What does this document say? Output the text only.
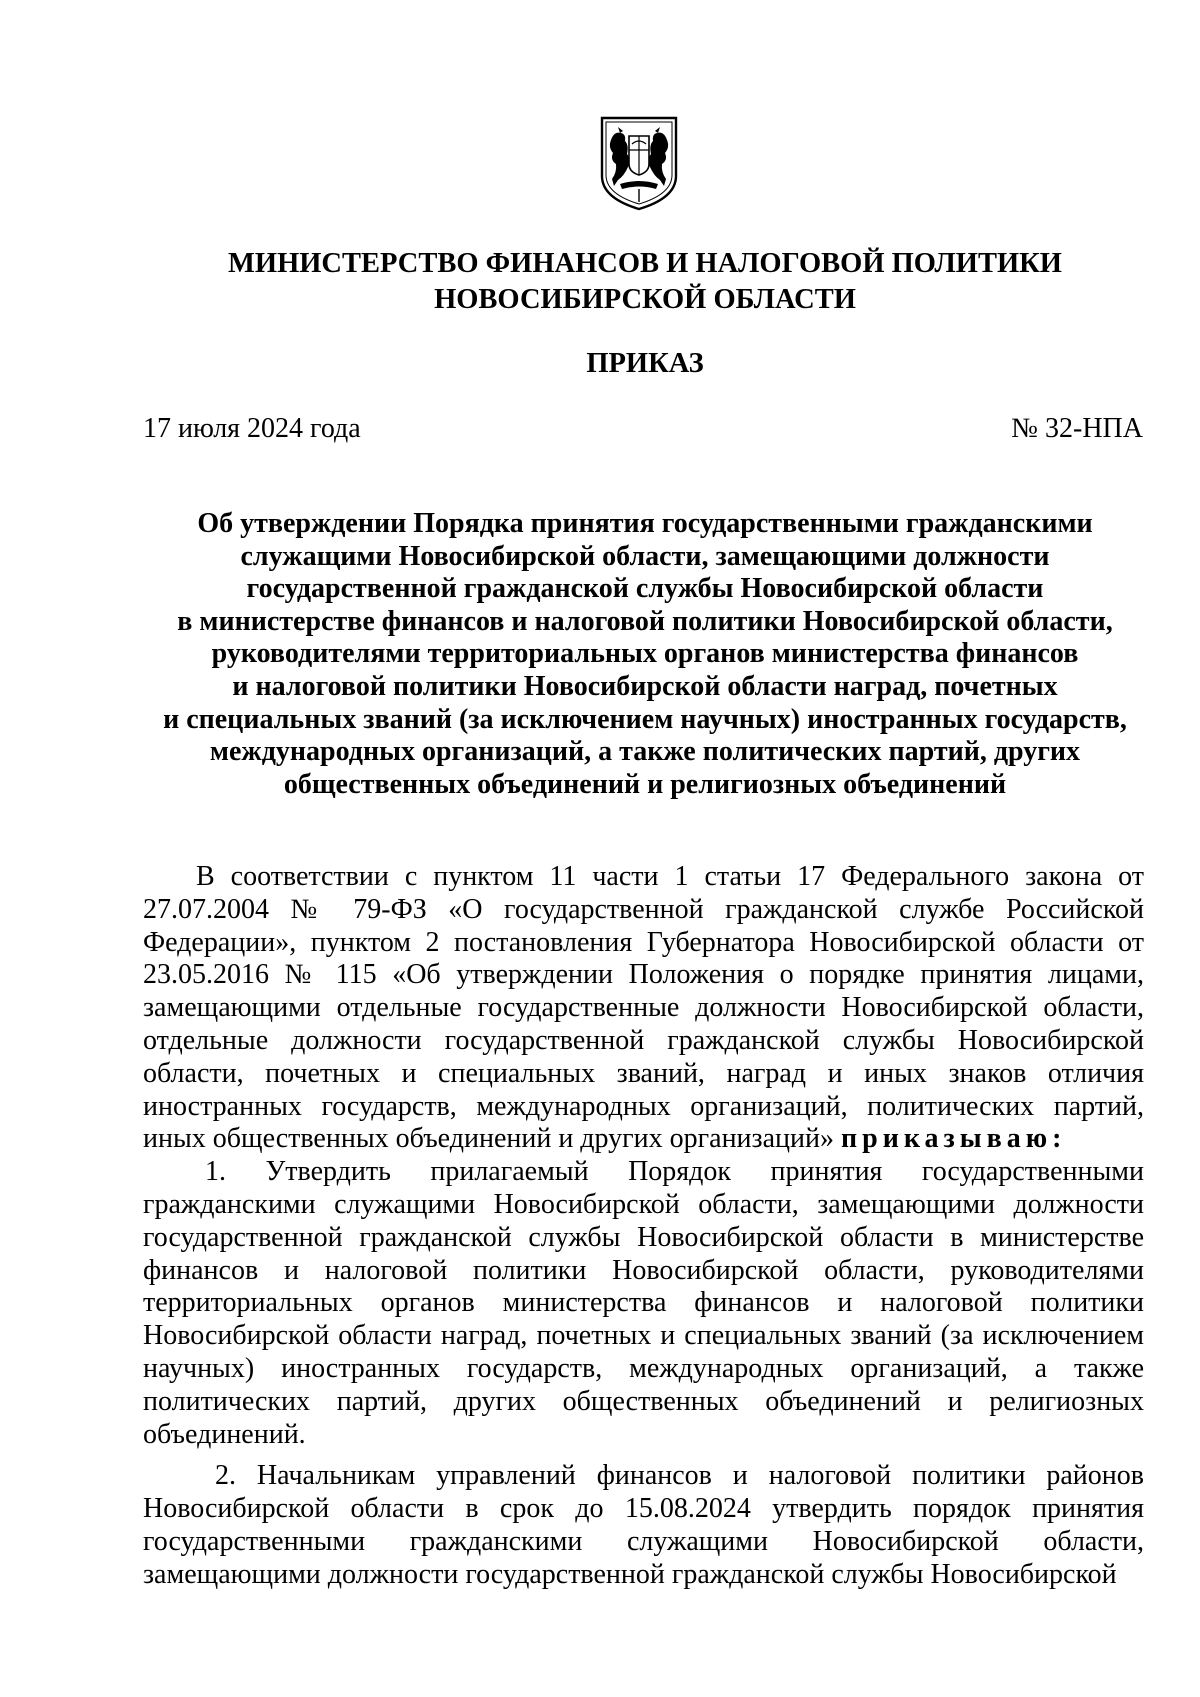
МИНИСТЕРСТВО ФИНАНСОВ И НАЛОГОВОЙ ПОЛИТИКИ
НОВОСИБИРСКОЙ ОБЛАСТИ
ПРИКАЗ
17 июля 2024 года	№ 32-НПА
Об утверждении Порядка принятия государственными гражданскими
служащими Новосибирской области, замещающими должности
государственной гражданской службы Новосибирской области
в министерстве финансов и налоговой политики Новосибирской области,
руководителями территориальных органов министерства финансов
и налоговой политики Новосибирской области наград, почетных
и специальных званий (за исключением научных) иностранных государств,
международных организаций, а также политических партий, других
общественных объединений и религиозных объединений

В соответствии с пунктом 11 части 1 статьи 17 Федерального закона от 27.07.2004 № 79-ФЗ «О государственной гражданской службе Российской Федерации», пунктом 2 постановления Губернатора Новосибирской области от 23.05.2016 № 115 «Об утверждении Положения о порядке принятия лицами, замещающими отдельные государственные должности Новосибирской области, отдельные должности государственной гражданской службы Новосибирской области, почетных и специальных званий, наград и иных знаков отличия иностранных государств, международных организаций, политических партий, иных общественных объединений и других организаций» приказываю:

1. Утвердить прилагаемый Порядок принятия государственными гражданскими служащими Новосибирской области, замещающими должности государственной гражданской службы Новосибирской области в министерстве финансов и налоговой политики Новосибирской области, руководителями территориальных органов министерства финансов и налоговой политики Новосибирской области наград, почетных и специальных званий (за исключением научных) иностранных государств, международных организаций, а также политических партий, других общественных объединений и религиозных объединений.

2. Начальникам управлений финансов и налоговой политики районов Новосибирской области в срок до 15.08.2024 утвердить порядок принятия государственными гражданскими служащими Новосибирской области, замещающими должности государственной гражданской службы Новосибирской
